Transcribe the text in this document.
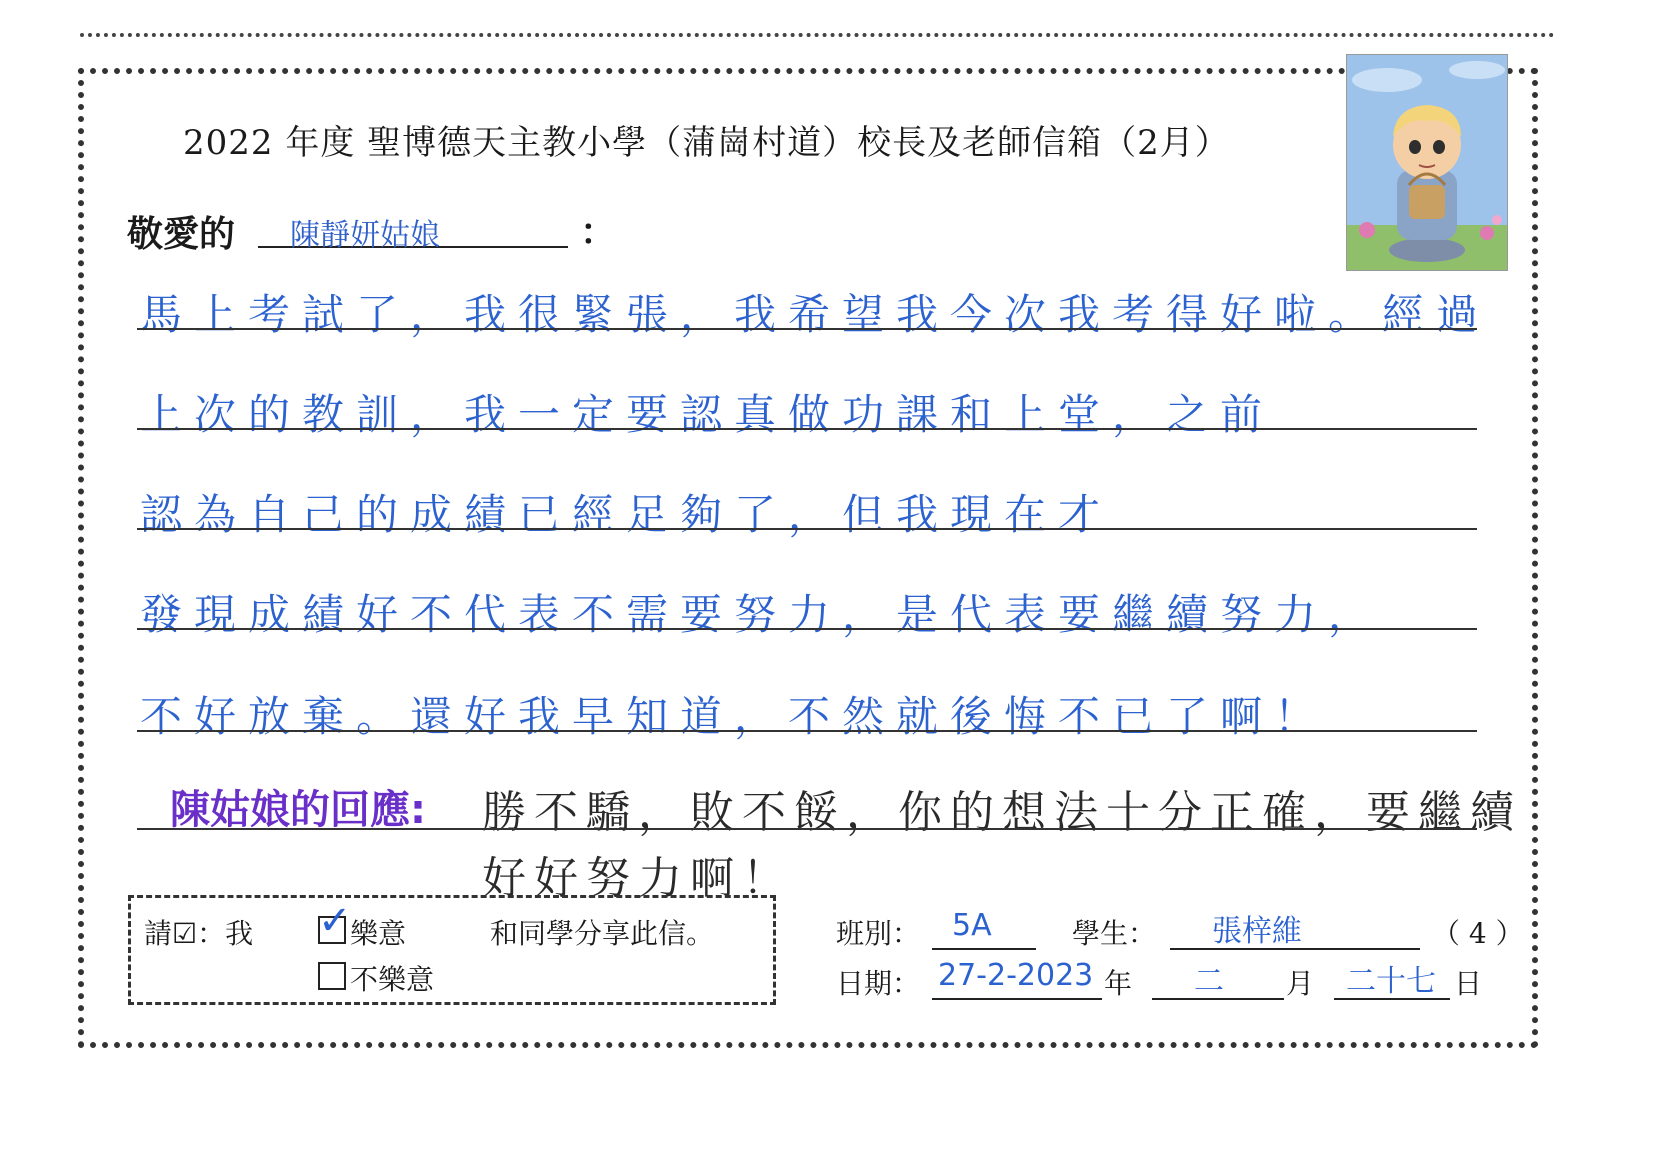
2022 年度 聖博德天主教小學（蒲崗村道）校長及老師信箱（2月）
敬愛的 陳靜妍姑娘	：
馬上考試了，我很緊張，我希望我今次我考得好啦。經過
上次的教訓，我一定要認真做功課和上堂，之前
認為自己的成績已經足夠了，但我現在才
發現成績好不代表不需要努力，是代表要繼續努力，
不好放棄。還好我早知道，不然就後悔不已了啊！
陳姑娘的回應: 勝不驕，敗不餒，你的想法十分正確，要繼續
好好努力啊！
請☑：我 ✓
樂意	和同學分享此信。
不樂意
班別： 5A	學生： 張梓維	（ 4 ）
日期： 27-2-2023 年 二 月 二十七 日
